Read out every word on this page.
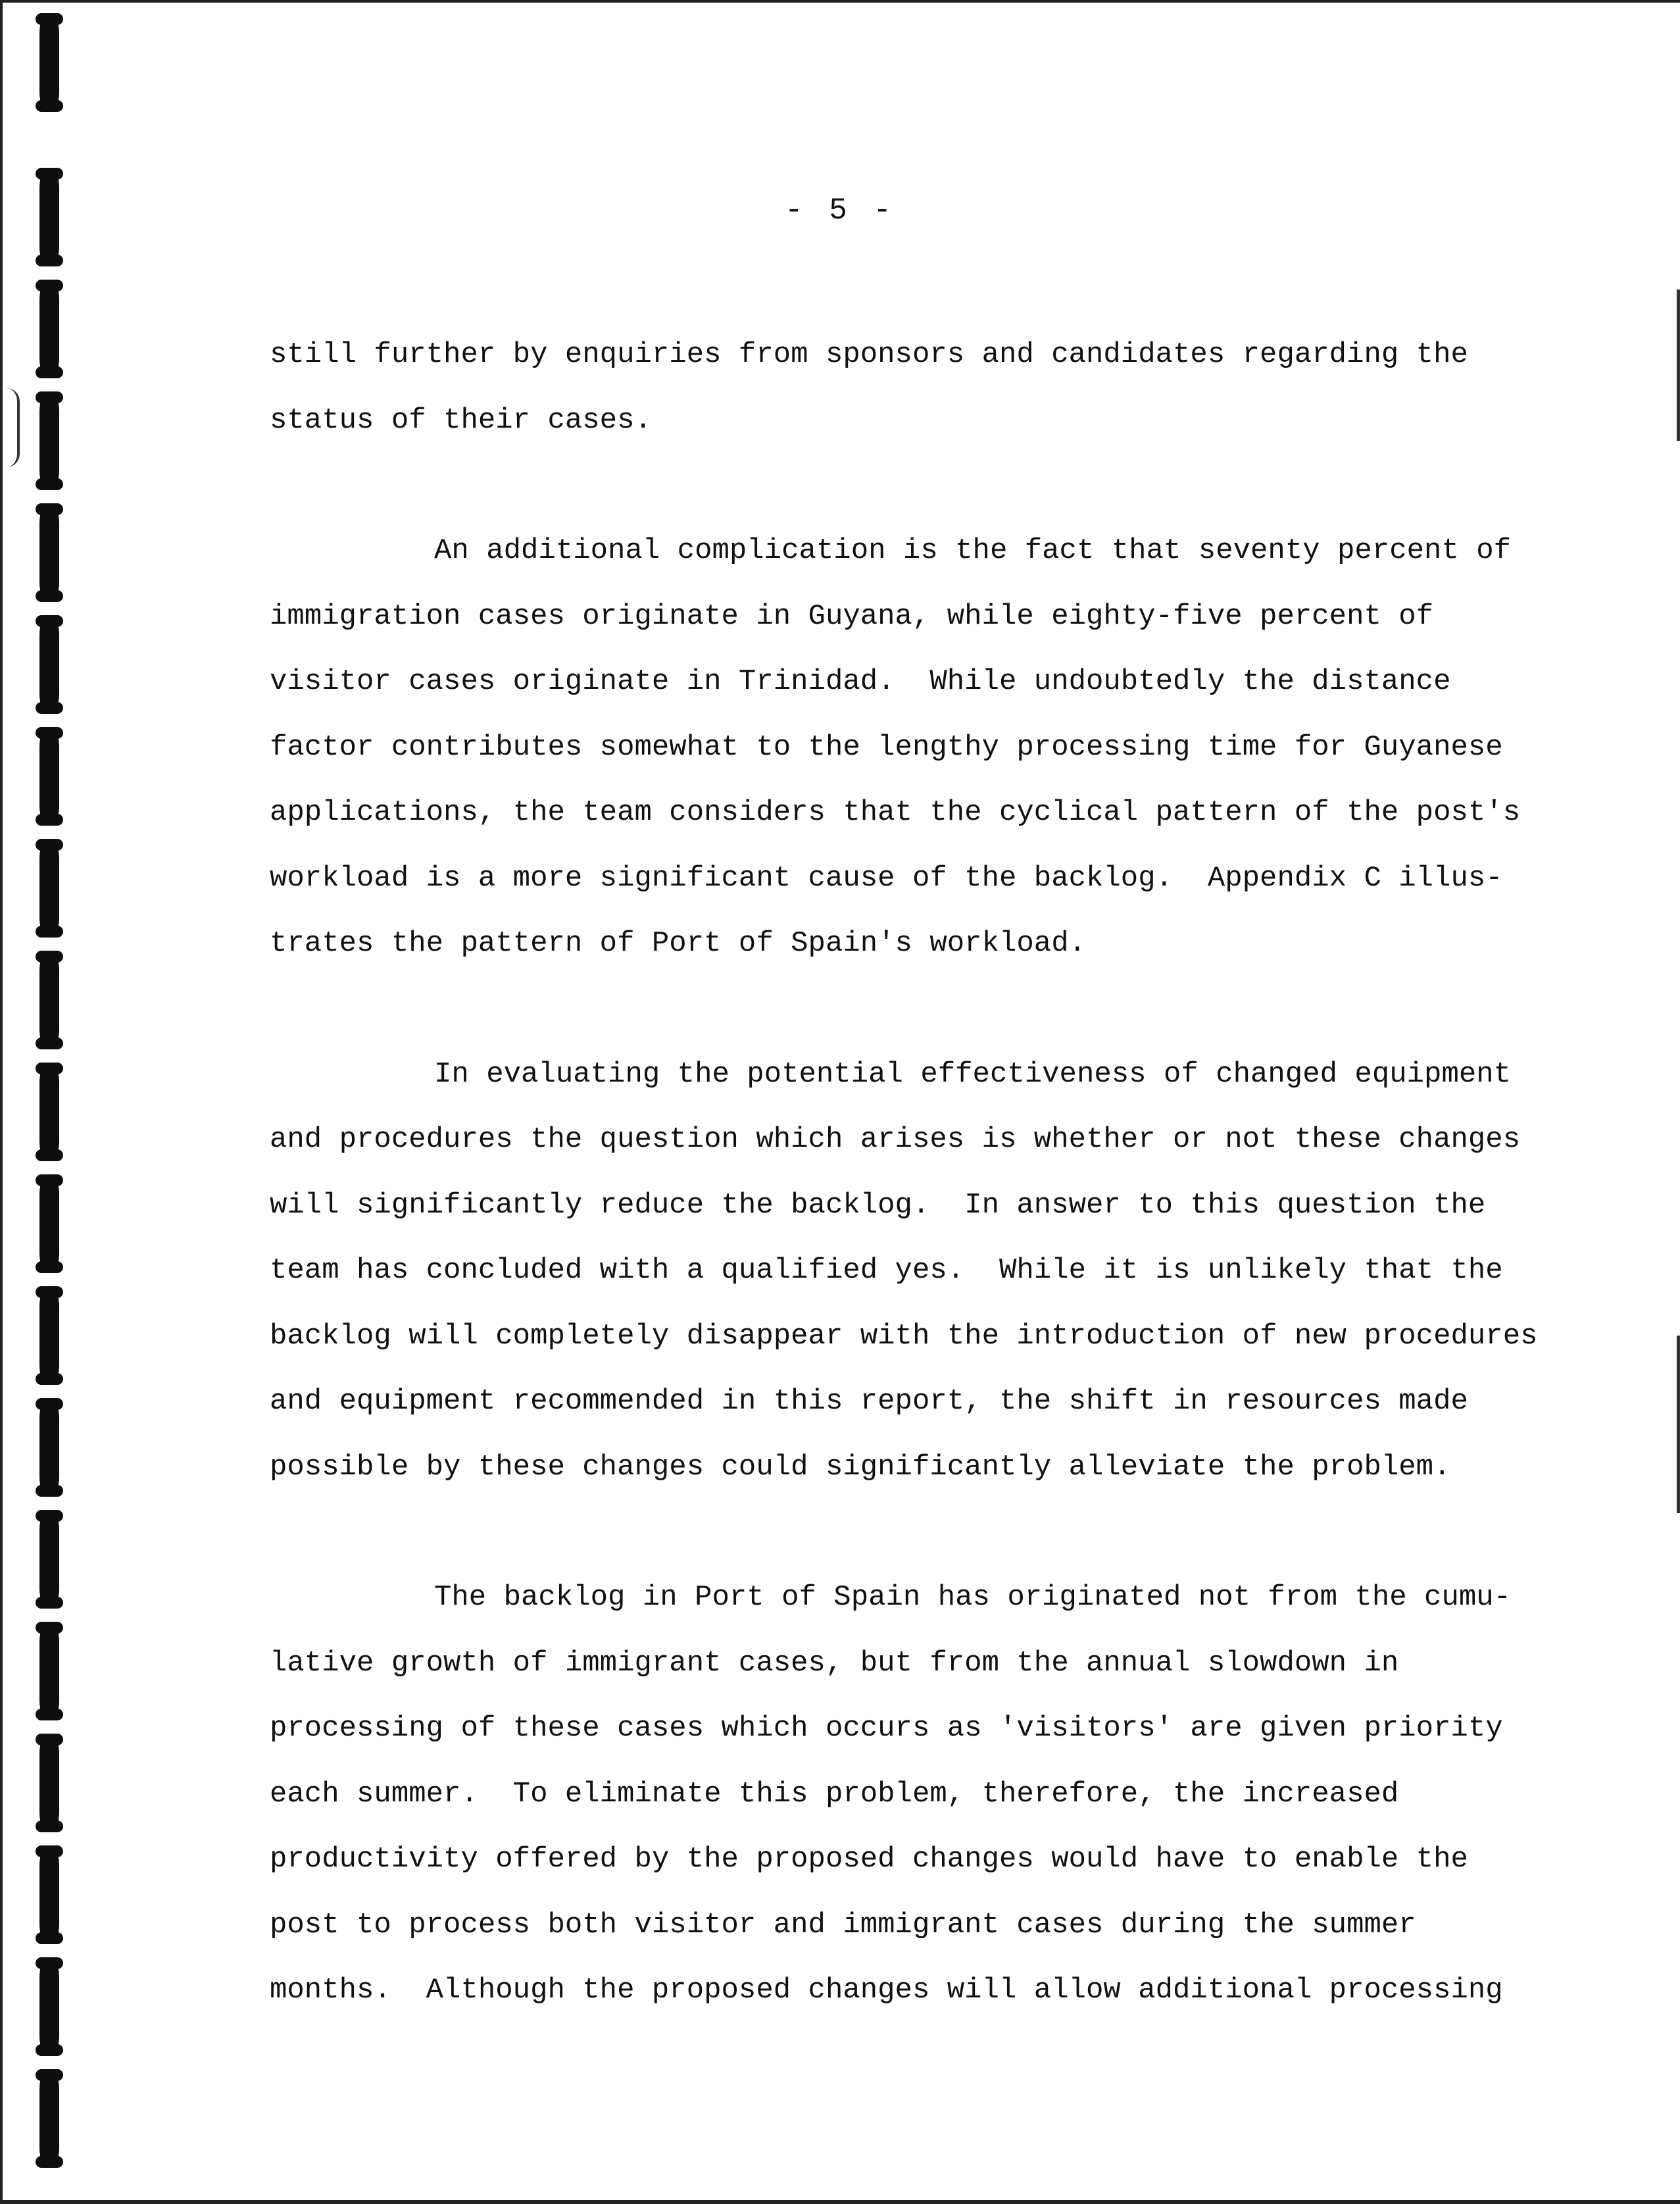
- 5 -
still further by enquiries from sponsors and candidates regarding the
status of their cases.
An additional complication is the fact that seventy percent of
immigration cases originate in Guyana, while eighty-five percent of
visitor cases originate in Trinidad.  While undoubtedly the distance
factor contributes somewhat to the lengthy processing time for Guyanese
applications, the team considers that the cyclical pattern of the post's
workload is a more significant cause of the backlog.  Appendix C illus-
trates the pattern of Port of Spain's workload.
In evaluating the potential effectiveness of changed equipment
and procedures the question which arises is whether or not these changes
will significantly reduce the backlog.  In answer to this question the
team has concluded with a qualified yes.  While it is unlikely that the
backlog will completely disappear with the introduction of new procedures
and equipment recommended in this report, the shift in resources made
possible by these changes could significantly alleviate the problem.
The backlog in Port of Spain has originated not from the cumu-
lative growth of immigrant cases, but from the annual slowdown in
processing of these cases which occurs as 'visitors' are given priority
each summer.  To eliminate this problem, therefore, the increased
productivity offered by the proposed changes would have to enable the
post to process both visitor and immigrant cases during the summer
months.  Although the proposed changes will allow additional processing
